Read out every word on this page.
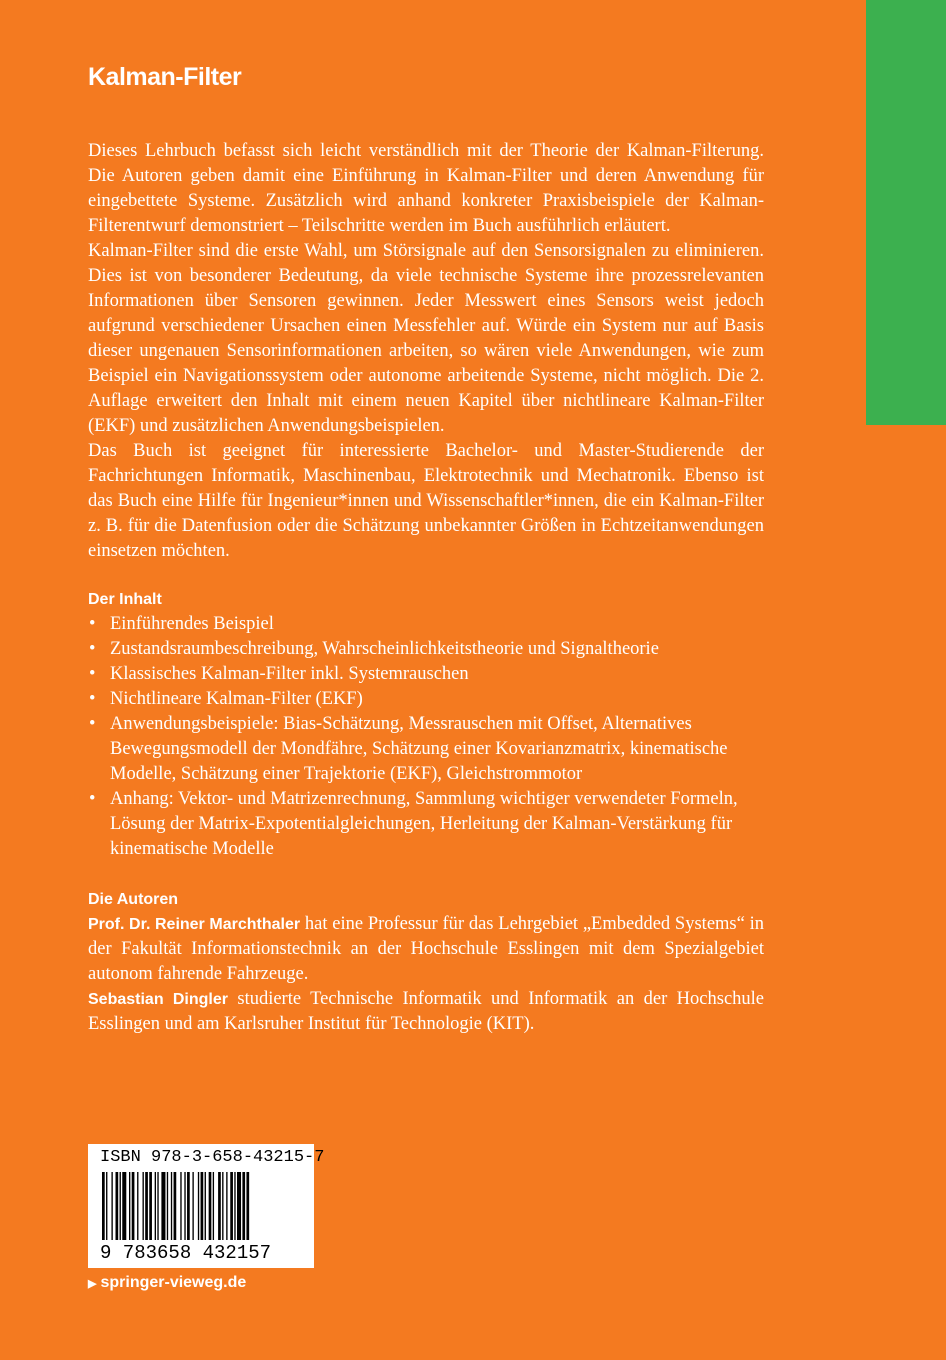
Kalman-Filter

Dieses Lehrbuch befasst sich leicht verständlich mit der Theorie der Kalman-Filterung. Die Autoren geben damit eine Einführung in Kalman-Filter und deren Anwendung für eingebettete Systeme. Zusätzlich wird anhand konkreter Praxisbeispiele der Kalman-Filterentwurf demonstriert – Teilschritte werden im Buch ausführlich erläutert.

Kalman-Filter sind die erste Wahl, um Störsignale auf den Sensorsignalen zu eliminieren. Dies ist von besonderer Bedeutung, da viele technische Systeme ihre prozessrelevanten Informationen über Sensoren gewinnen. Jeder Messwert eines Sensors weist jedoch aufgrund verschiedener Ursachen einen Messfehler auf. Würde ein System nur auf Basis dieser ungenauen Sensorinformationen arbeiten, so wären viele Anwendungen, wie zum Beispiel ein Navigationssystem oder autonome arbeitende Systeme, nicht möglich. Die 2. Auflage erweitert den Inhalt mit einem neuen Kapitel über nichtlineare Kalman-Filter (EKF) und zusätzlichen Anwendungsbeispielen.

Das Buch ist geeignet für interessierte Bachelor- und Master-Studierende der Fachrichtungen Informatik, Maschinenbau, Elektrotechnik und Mechatronik. Ebenso ist das Buch eine Hilfe für Ingenieur*innen und Wissenschaftler*innen, die ein Kalman-Filter z. B. für die Datenfusion oder die Schätzung unbekannter Größen in Echtzeitanwendungen einsetzen möchten.

Der Inhalt
• Einführendes Beispiel
• Zustandsraumbeschreibung, Wahrscheinlichkeitstheorie und Signaltheorie
• Klassisches Kalman-Filter inkl. Systemrauschen
• Nichtlineare Kalman-Filter (EKF)
• Anwendungsbeispiele: Bias-Schätzung, Messrauschen mit Offset, Alternatives Bewegungsmodell der Mondfähre, Schätzung einer Kovarianzmatrix, kinematische Modelle, Schätzung einer Trajektorie (EKF), Gleichstrommotor
• Anhang: Vektor- und Matrizenrechnung, Sammlung wichtiger verwendeter Formeln, Lösung der Matrix-Expotentialgleichungen, Herleitung der Kalman-Verstärkung für kinematische Modelle
Die Autoren

Prof. Dr. Reiner Marchthaler hat eine Professur für das Lehrgebiet „Embedded Systems“ in der Fakultät Informationstechnik an der Hochschule Esslingen mit dem Spezialgebiet autonom fahrende Fahrzeuge.

Sebastian Dingler studierte Technische Informatik und Informatik an der Hochschule Esslingen und am Karlsruher Institut für Technologie (KIT).

ISBN 978-3-658-43215-7
9 783658 432157
▶ springer-vieweg.de
